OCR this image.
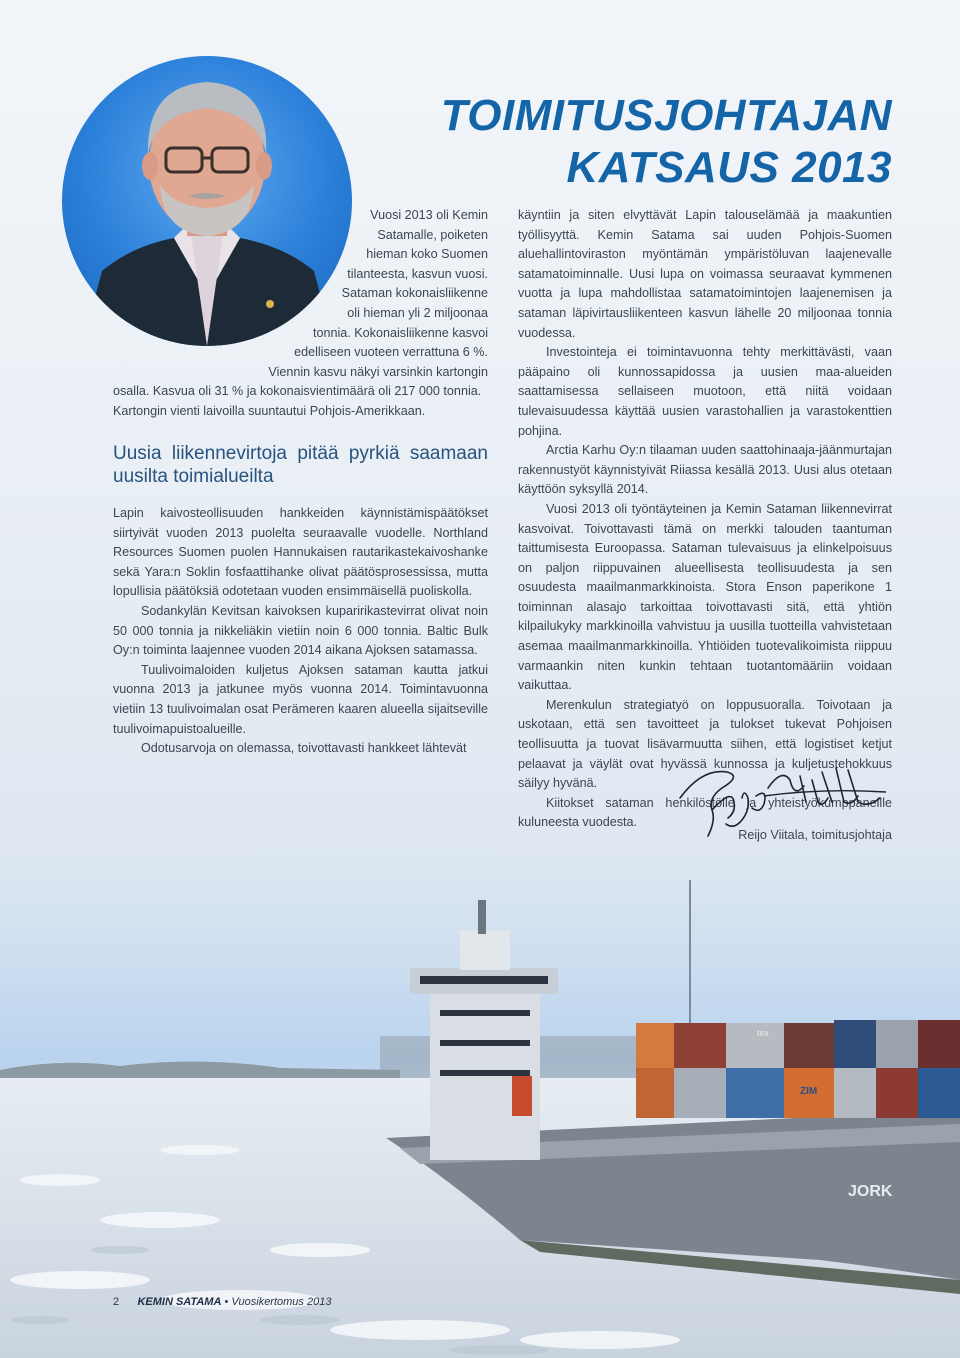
TOIMITUSJOHTAJAN
KATSAUS 2013

Vuosi 2013 oli Kemin

Satamalle, poiketen

hieman koko Suomen

tilanteesta, kasvun vuosi.

Sataman kokonaisliikenne

oli hieman yli 2 miljoonaa

tonnia. Kokonaisliikenne kasvoi

edelliseen vuoteen verrattuna 6 %.

Viennin kasvu näkyi varsinkin kartongin

osalla. Kasvua oli 31 % ja kokonaisvientimäärä oli 217 000 tonnia.

Kartongin vienti laivoilla suuntautui Pohjois-Amerikkaan.

Uusia liikennevirtoja pitää pyrkiä saamaan uusilta toimialueilta

Lapin kaivosteollisuuden hankkeiden käynnistämispäätökset siirtyivät vuoden 2013 puolelta seuraavalle vuodelle. Northland Resources Suomen puolen Hannukaisen rautarikastekaivoshanke sekä Yara:n Soklin fosfaattihanke olivat päätösprosessissa, mutta lopullisia päätöksiä odotetaan vuoden ensimmäisellä puoliskolla.

Sodankylän Kevitsan kaivoksen kuparirikastevirrat olivat noin 50 000 tonnia ja nikkeliäkin vietiin noin 6 000 tonnia. Baltic Bulk Oy:n toiminta laajennee vuoden 2014 aikana Ajoksen satamassa.

Tuulivoimaloiden kuljetus Ajoksen sataman kautta jatkui vuonna 2013 ja jatkunee myös vuonna 2014. Toimintavuonna vietiin 13 tuulivoimalan osat Perämeren kaaren alueella sijaitseville tuulivoimapuistoalueille.

Odotusarvoja on olemassa, toivottavasti hankkeet lähtevät

käyntiin ja siten elvyttävät Lapin talouselämää ja maakuntien työllisyyttä. Kemin Satama sai uuden Pohjois-Suomen aluehallintoviraston myöntämän ympäristöluvan laajenevalle satamatoiminnalle. Uusi lupa on voimassa seuraavat kymmenen vuotta ja lupa mahdollistaa satamatoimintojen laajenemisen ja sataman läpivirtausliikenteen kasvun lähelle 20 miljoonaa tonnia vuodessa.

Investointeja ei toimintavuonna tehty merkittävästi, vaan pääpaino oli kunnossapidossa ja uusien maa-alueiden saattamisessa sellaiseen muotoon, että niitä voidaan tulevaisuudessa käyttää uusien varastohallien ja varastokenttien pohjina.

Arctia Karhu Oy:n tilaaman uuden saattohinaaja-jäänmurtajan rakennustyöt käynnistyivät Riiassa kesällä 2013. Uusi alus otetaan käyttöön syksyllä 2014.

Vuosi 2013 oli työntäyteinen ja Kemin Sataman liikennevirrat kasvoivat. Toivottavasti tämä on merkki talouden taantuman taittumisesta Euroopassa. Sataman tulevaisuus ja elinkelpoisuus on paljon riippuvainen alueellisesta teollisuudesta ja sen osuudesta maailmanmarkkinoista. Stora Enson paperikone 1 toiminnan alasajo tarkoittaa toivottavasti sitä, että yhtiön kilpailukyky markkinoilla vahvistuu ja uusilla tuotteilla vahvistetaan asemaa maailmanmarkkinoilla. Yhtiöiden tuotevalikoimista riippuu varmaankin niten kunkin tehtaan tuotantomääriin voidaan vaikuttaa.

Merenkulun strategiatyö on loppusuoralla. Toivotaan ja uskotaan, että sen tavoitteet ja tulokset tukevat Pohjoisen teollisuutta ja tuovat lisävarmuutta siihen, että logistiset ketjut pelaavat ja väylät ovat hyvässä kunnossa ja kuljetustehokkuus säilyy hyvänä.

Kiitokset sataman henkilöstölle ja yhteistyökumppaneille kuluneesta vuodesta.

Reijo Viitala, toimitusjohtaja
JORK
tex
ZIM
2 KEMIN SATAMA • Vuosikertomus 2013
